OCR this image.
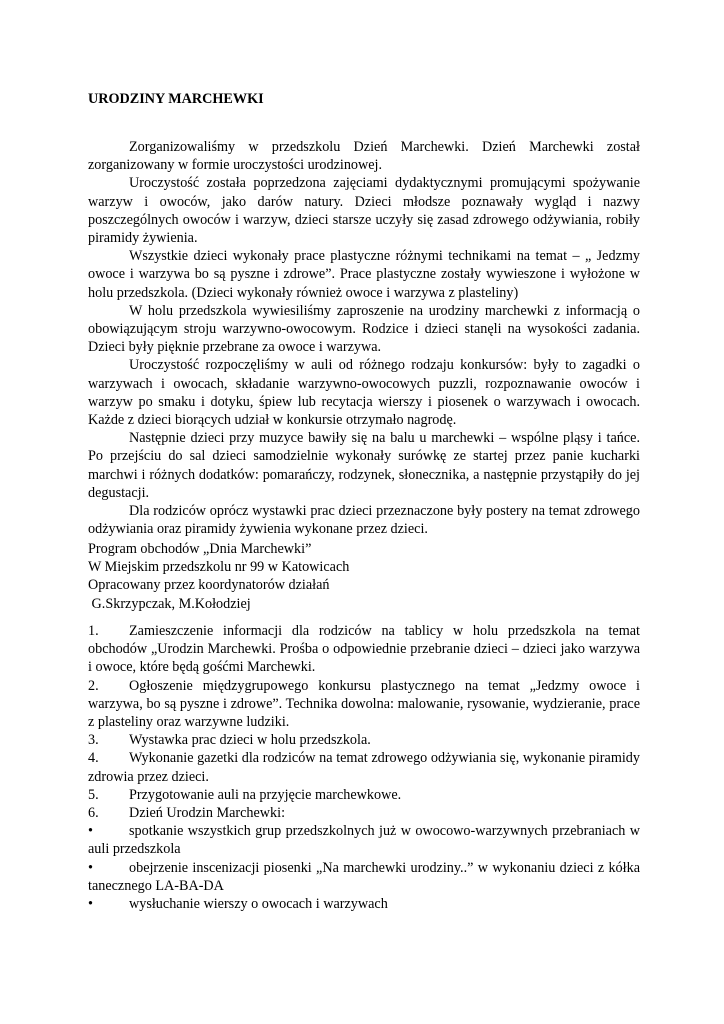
URODZINY MARCHEWKI

Zorganizowaliśmy w przedszkolu Dzień Marchewki. Dzień Marchewki został zorganizowany w formie uroczystości urodzinowej.

Uroczystość została poprzedzona zajęciami dydaktycznymi promującymi spożywanie warzyw i owoców, jako darów natury. Dzieci młodsze poznawały wygląd i nazwy poszczególnych owoców i warzyw, dzieci starsze uczyły się zasad zdrowego odżywiania, robiły piramidy żywienia.

Wszystkie dzieci wykonały prace plastyczne różnymi technikami na temat – „ Jedzmy owoce i warzywa bo są pyszne i zdrowe”. Prace plastyczne zostały wywieszone i wyłożone w holu przedszkola. (Dzieci wykonały również owoce i warzywa z plasteliny)

W holu przedszkola wywiesiliśmy zaproszenie na urodziny marchewki z informacją o obowiązującym stroju warzywno-owocowym. Rodzice i dzieci stanęli na wysokości zadania. Dzieci były pięknie przebrane za owoce i warzywa.

Uroczystość rozpoczęliśmy w auli od różnego rodzaju konkursów: były to zagadki o warzywach i owocach, składanie warzywno-owocowych puzzli, rozpoznawanie owoców i warzyw po smaku i dotyku, śpiew lub recytacja wierszy i piosenek o warzywach i owocach. Każde z dzieci biorących udział w konkursie otrzymało nagrodę.

Następnie dzieci przy muzyce bawiły się na balu u marchewki – wspólne pląsy i tańce. Po przejściu do sal dzieci samodzielnie wykonały surówkę ze startej przez panie kucharki marchwi i różnych dodatków: pomarańczy, rodzynek, słonecznika, a następnie przystąpiły do jej degustacji.

Dla rodziców oprócz wystawki prac dzieci przeznaczone były postery na temat zdrowego odżywiania oraz piramidy żywienia wykonane przez dzieci.

Program obchodów „Dnia Marchewki”

W Miejskim przedszkolu nr 99 w Katowicach

Opracowany przez koordynatorów działań

G.Skrzypczak, M.Kołodziej

1. Zamieszczenie informacji dla rodziców na tablicy w holu przedszkola na temat obchodów „Urodzin Marchewki. Prośba o odpowiednie przebranie dzieci – dzieci jako warzywa i owoce, które będą gośćmi Marchewki.

2. Ogłoszenie międzygrupowego konkursu plastycznego na temat „Jedzmy owoce i warzywa, bo są pyszne i zdrowe”. Technika dowolna: malowanie, rysowanie, wydzieranie, prace z plasteliny oraz warzywne ludziki.

3. Wystawka prac dzieci w holu przedszkola.

4. Wykonanie gazetki dla rodziców na temat zdrowego odżywiania się, wykonanie piramidy zdrowia przez dzieci.

5. Przygotowanie auli na przyjęcie marchewkowe.

6. Dzień Urodzin Marchewki:

•	spotkanie wszystkich grup przedszkolnych już w owocowo-warzywnych przebraniach w auli przedszkola

•	obejrzenie inscenizacji piosenki „Na marchewki urodziny..” w wykonaniu dzieci z kółka tanecznego LA-BA-DA

•	wysłuchanie wierszy o owocach i warzywach
